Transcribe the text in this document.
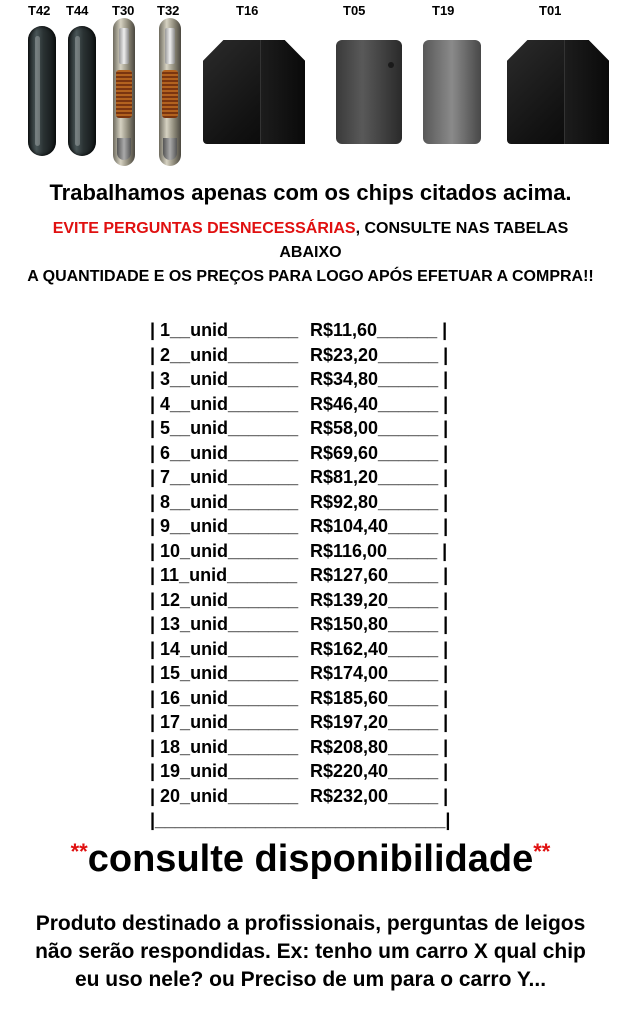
T42 T44 T30 T32	T16	T05	T19	T01
Trabalhamos apenas com os chips citados acima.
EVITE PERGUNTAS DESNECESSÁRIAS, CONSULTE NAS TABELAS ABAIXO
A QUANTIDADE E OS PREÇOS PARA LOGO APÓS EFETUAR A COMPRA!!
| 1__unid_______ R$11,60______ |
| 2__unid_______ R$23,20______ |
| 3__unid_______ R$34,80______ |
| 4__unid_______ R$46,40______ |
| 5__unid_______ R$58,00______ |
| 6__unid_______ R$69,60______ |
| 7__unid_______ R$81,20______ |
| 8__unid_______ R$92,80______ |
| 9__unid_______ R$104,40_____ |
| 10_unid_______ R$116,00_____ |
| 11_unid_______ R$127,60_____ |
| 12_unid_______ R$139,20_____ |
| 13_unid_______ R$150,80_____ |
| 14_unid_______ R$162,40_____ |
| 15_unid_______ R$174,00_____ |
| 16_unid_______ R$185,60_____ |
| 17_unid_______ R$197,20_____ |
| 18_unid_______ R$208,80_____ |
| 19_unid_______ R$220,40_____ |
| 20_unid_______ R$232,00_____ |
|_____________________________|
**consulte disponibilidade**
Produto destinado a profissionais, perguntas de leigos não serão respondidas. Ex: tenho um carro X qual chip eu uso nele? ou Preciso de um para o carro Y...
